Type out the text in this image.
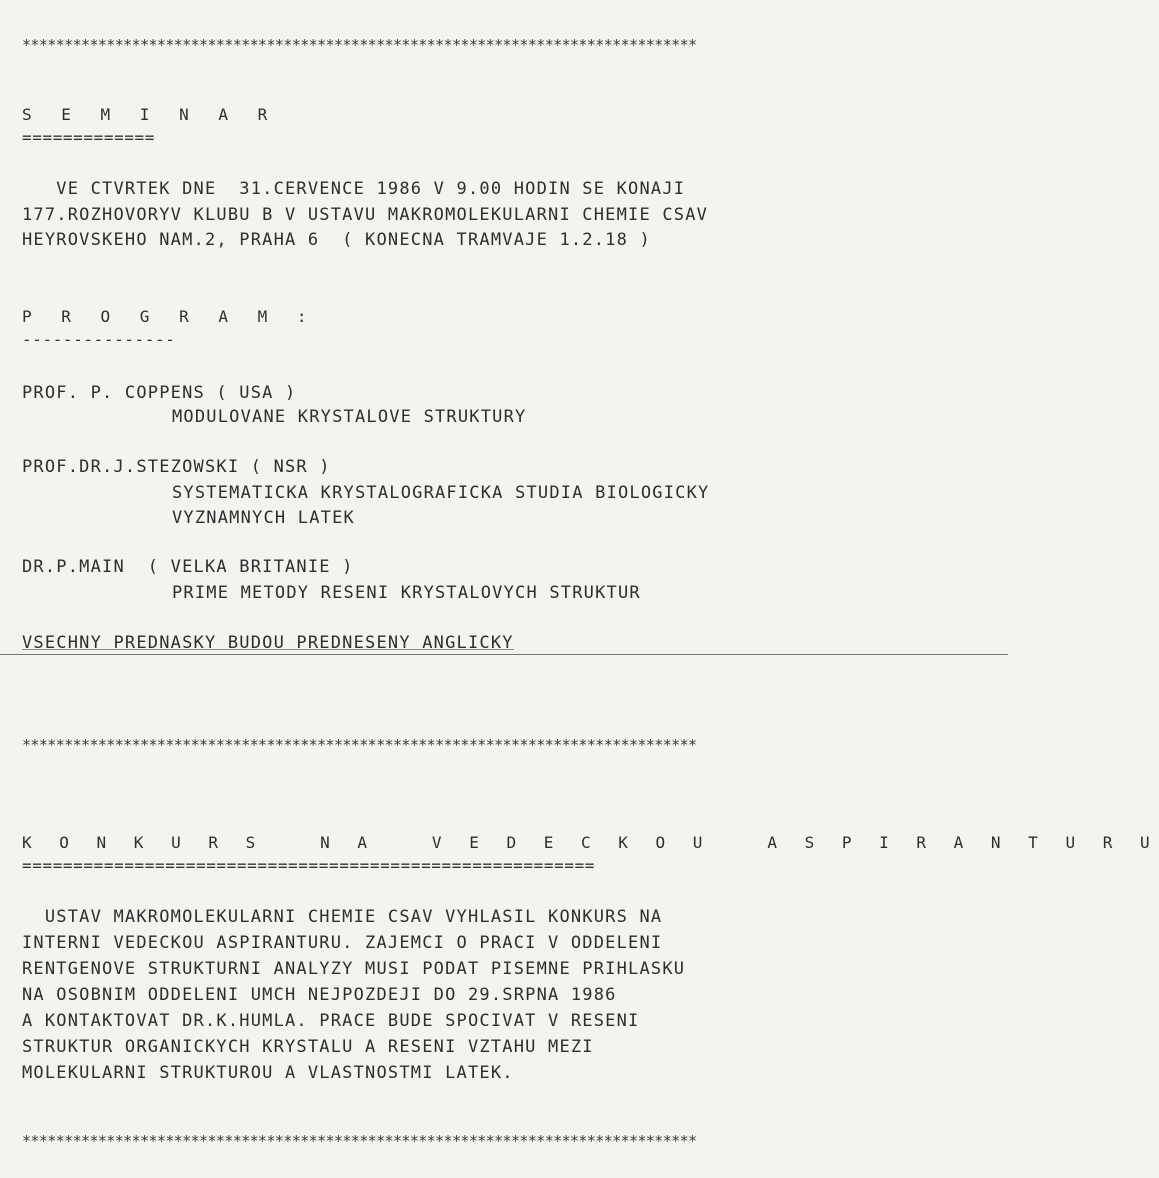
********************************************************************************
S E M I N A R
=============
VE CTVRTEK DNE  31.CERVENCE 1986 V 9.00 HODIN SE KONAJI
177.ROZHOVORYV KLUBU B V USTAVU MAKROMOLEKULARNI CHEMIE CSAV
HEYROVSKEHO NAM.2, PRAHA 6  ( KONECNA TRAMVAJE 1.2.18 )
P R O G R A M :
---------------
PROF. P. COPPENS ( USA )
MODULOVANE KRYSTALOVE STRUKTURY
PROF.DR.J.STEZOWSKI ( NSR )
SYSTEMATICKA KRYSTALOGRAFICKA STUDIA BIOLOGICKY
VYZNAMNYCH LATEK
DR.P.MAIN  ( VELKA BRITANIE )
PRIME METODY RESENI KRYSTALOVYCH STRUKTUR
VSECHNY PREDNASKY BUDOU PREDNESENY ANGLICKY
********************************************************************************
K O N K U R S   N A   V E D E C K O U   A S P I R A N T U R U
========================================================
USTAV MAKROMOLEKULARNI CHEMIE CSAV VYHLASIL KONKURS NA
INTERNI VEDECKOU ASPIRANTURU. ZAJEMCI O PRACI V ODDELENI
RENTGENOVE STRUKTURNI ANALYZY MUSI PODAT PISEMNE PRIHLASKU
NA OSOBNIM ODDELENI UMCH NEJPOZDEJI DO 29.SRPNA 1986
A KONTAKTOVAT DR.K.HUMLA. PRACE BUDE SPOCIVAT V RESENI
STRUKTUR ORGANICKYCH KRYSTALU A RESENI VZTAHU MEZI
MOLEKULARNI STRUKTUROU A VLASTNOSTMI LATEK.
********************************************************************************
